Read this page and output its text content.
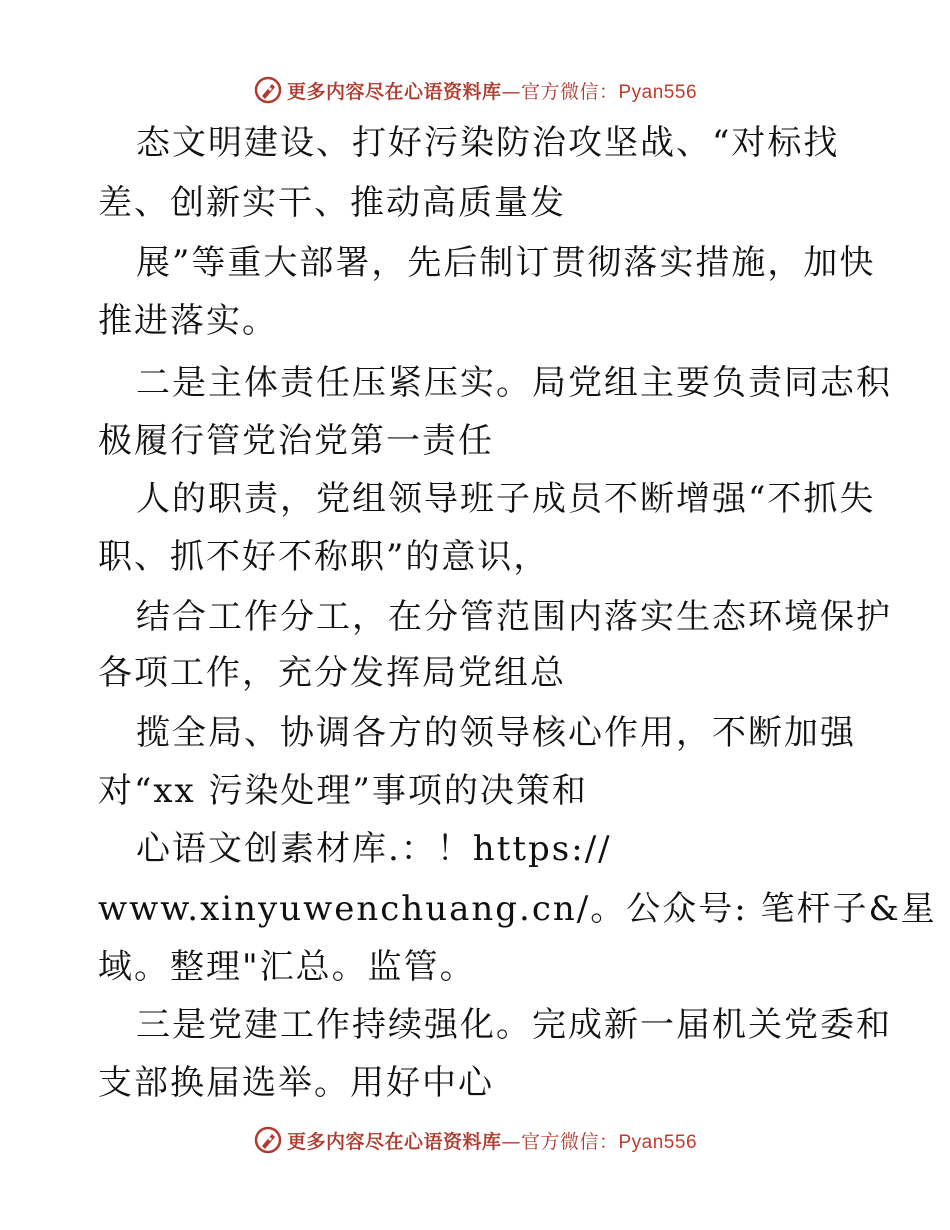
更多内容尽在心语资料库—官方微信：Pyan556
态文明建设、打好污染防治攻坚战、“对标找
差、创新实干、推动高质量发
展”等重大部署，先后制订贯彻落实措施，加快
推进落实。
二是主体责任压紧压实。局党组主要负责同志积
极履行管党治党第一责任
人的职责，党组领导班子成员不断增强“不抓失
职、抓不好不称职”的意识，
结合工作分工，在分管范围内落实生态环境保护
各项工作，充分发挥局党组总
揽全局、协调各方的领导核心作用，不断加强
对“xx 污染处理”事项的决策和
心语文创素材库.：！https://
www.xinyuwenchuang.cn/。公众号: 笔杆子&星
域。整理"汇总。监管。
三是党建工作持续强化。完成新一届机关党委和
支部换届选举。用好中心
更多内容尽在心语资料库—官方微信：Pyan556
